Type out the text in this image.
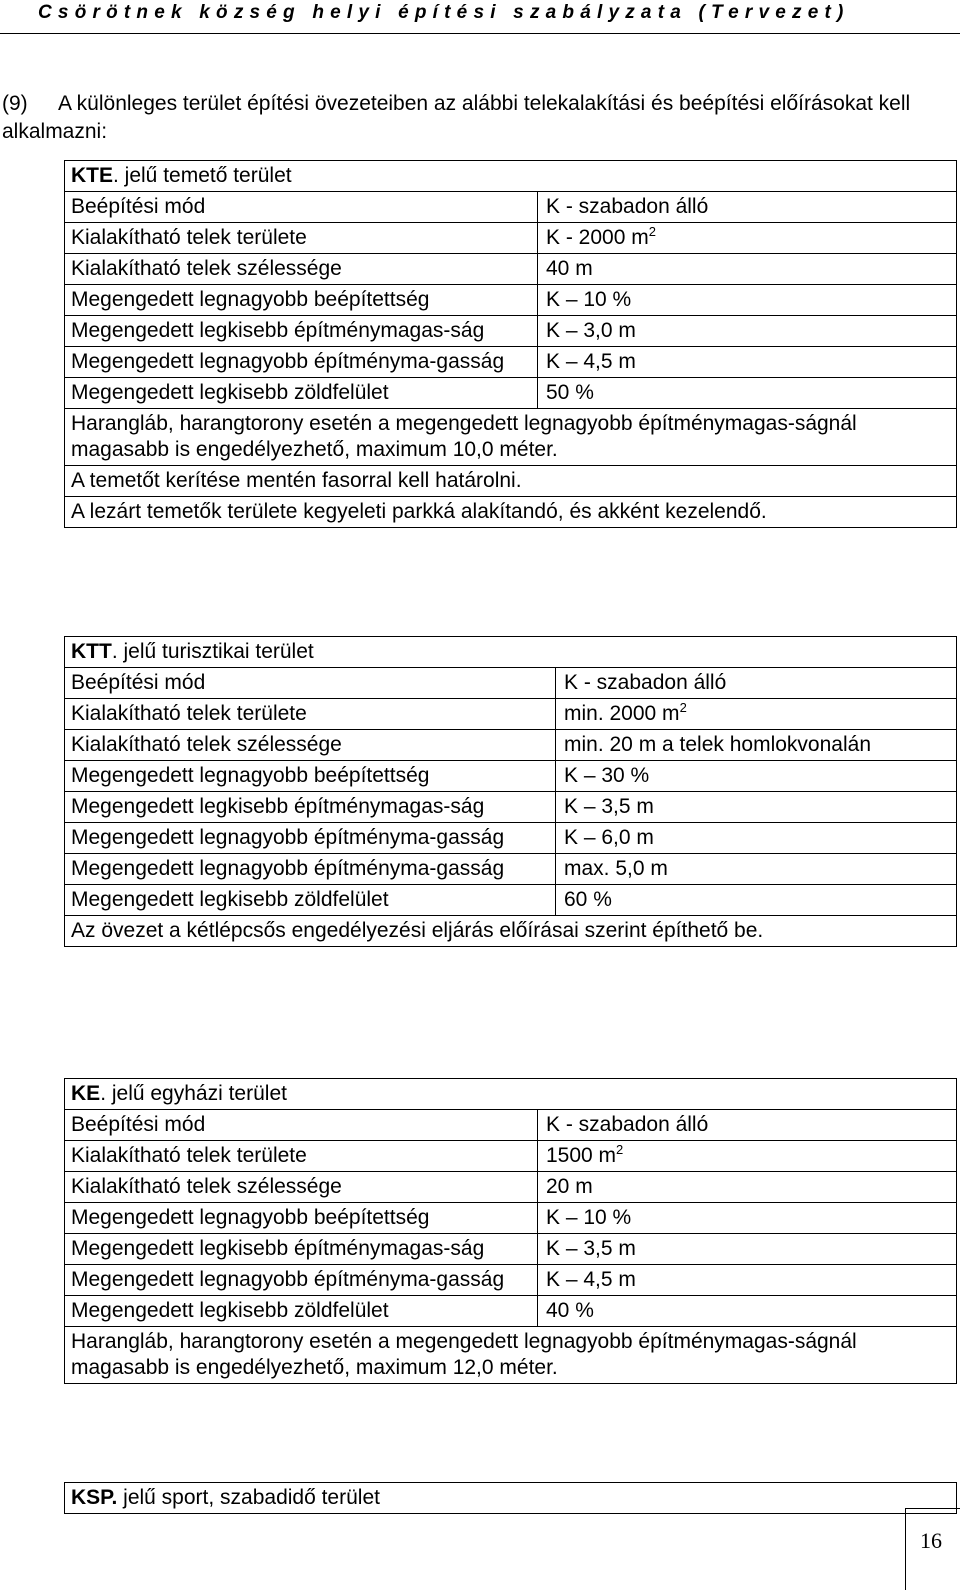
Csörötnek község helyi építési szabályzata (Tervezet)
(9) A különleges terület építési övezeteiben az alábbi telekalakítási és beépítési előírásokat kell alkalmazni:
KTE. jelű temető terület	
Beépítési mód	K - szabadon álló
Kialakítható telek területe	K - 2000 $m^2$
Kialakítható telek szélessége	40 m
Megengedett legnagyobb beépítettség	K – 10 %
Megengedett legkisebb építménymagas-ság	K – 3,0 m
Megengedett legnagyobb építményma-gasság	K – 4,5 m
Megengedett legkisebb zöldfelület	50 %
Harangláb, harangtorony esetén a megengedett legnagyobb építménymagas-ságnál magasabb is engedélyezhető, maximum 10,0 méter.	
A temetőt kerítése mentén fasorral kell határolni.	
A lezárt temetők területe kegyeleti parkká alakítandó, és akként kezelendő.	
KTT. jelű turisztikai terület	
Beépítési mód	K - szabadon álló
Kialakítható telek területe	min. 2000 $m^2$
Kialakítható telek szélessége	min. 20 m a telek homlokvonalán
Megengedett legnagyobb beépítettség	K – 30 %
Megengedett legkisebb építménymagas-ság	K – 3,5 m
Megengedett legnagyobb építményma-gasság	K – 6,0 m
Megengedett legnagyobb építményma-gasság	max. 5,0 m
Megengedett legkisebb zöldfelület	60 %
Az övezet a kétlépcsős engedélyezési eljárás előírásai szerint építhető be.	
KE. jelű egyházi terület	
Beépítési mód	K - szabadon álló
Kialakítható telek területe	1500 $m^2$
Kialakítható telek szélessége	20 m
Megengedett legnagyobb beépítettség	K – 10 %
Megengedett legkisebb építménymagas-ság	K – 3,5 m
Megengedett legnagyobb építményma-gasság	K – 4,5 m
Megengedett legkisebb zöldfelület	40 %
Harangláb, harangtorony esetén a megengedett legnagyobb építménymagas-ságnál magasabb is engedélyezhető, maximum 12,0 méter.	
KSP. jelű sport, szabadidő terület
16
